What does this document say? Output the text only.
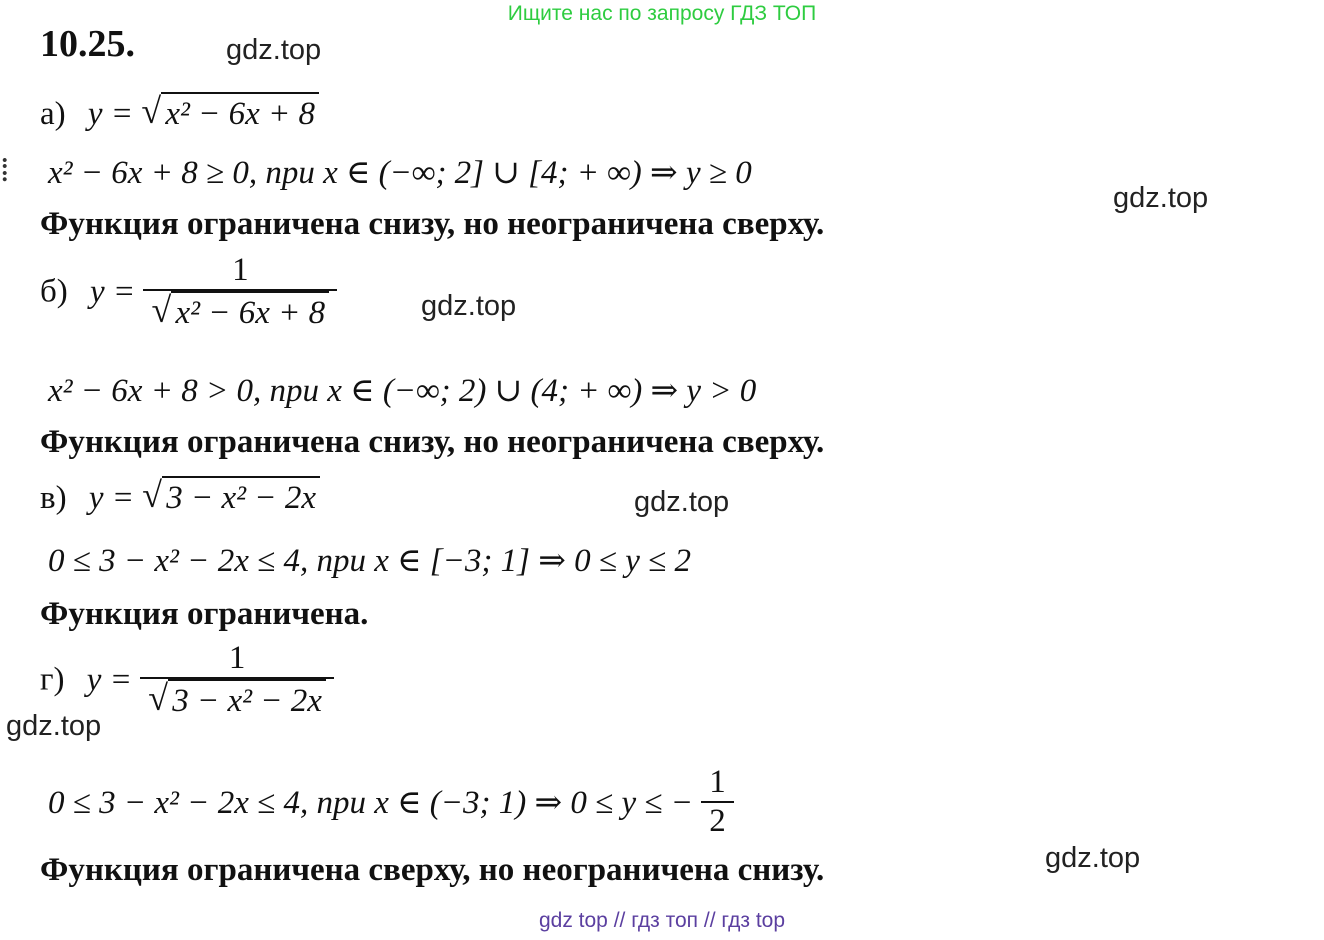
Ищите нас по запросу ГДЗ ТОП
10.25.	gdz.top
gdz.top
gdz.top
gdz.top
gdz.top
gdz.top
⁞
а) y = √ x² − 6x + 8
x² − 6x + 8 ≥ 0, при x ∈ (−∞; 2] ∪ [4; + ∞) ⇒ y ≥ 0
Функция ограничена снизу, но неограничена сверху.
б) $y = \frac{1}{\text{√ x² − 6x + 8}}$
x² − 6x + 8 > 0, при x ∈ (−∞; 2) ∪ (4; + ∞) ⇒ y > 0
Функция ограничена снизу, но неограничена сверху.
в) y = √ 3 − x² − 2x
0 ≤ 3 − x² − 2x ≤ 4, при x ∈ [−3; 1] ⇒ 0 ≤ y ≤ 2
Функция ограничена.
г) $y = \frac{1}{\text{√ 3 − x² − 2x}}$
0 ≤ 3 − x² − 2x ≤ 4, при x ∈ (−3; 1) ⇒ 0 ≤ y ≤ − $\frac{1}{2}$
Функция ограничена сверху, но неограничена снизу.
gdz top // гдз топ // гдз top
